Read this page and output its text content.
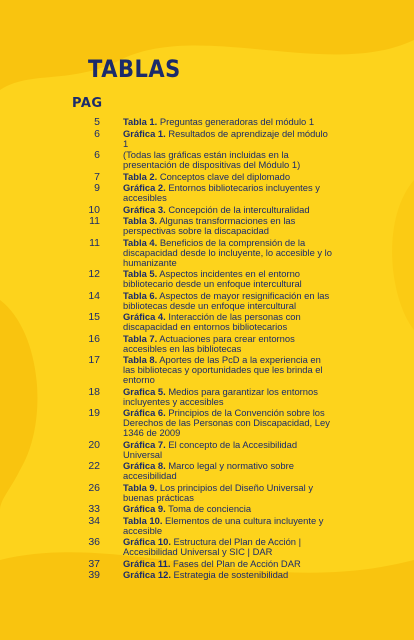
TABLAS
PAG
5 Tabla 1. Preguntas generadoras del módulo 1
6 Gráfica 1. Resultados de aprendizaje del módulo 1
6 (Todas las gráficas están incluidas en la presentación de dispositivas del Módulo 1)
7 Tabla 2. Conceptos clave del diplomado
9 Gráfica 2. Entornos bibliotecarios incluyentes y accesibles
10 Gráfica 3. Concepción de la interculturalidad
11 Tabla 3. Algunas transformaciones en las perspectivas sobre la discapacidad
11 Tabla 4. Beneficios de la comprensión de la discapacidad desde lo incluyente, lo accesible y lo humanizante
12 Tabla 5. Aspectos incidentes en el entorno bibliotecario desde un enfoque intercultural
14 Tabla 6. Aspectos de mayor resignificación en las bibliotecas desde un enfoque intercultural
15 Gráfica 4. Interacción de las personas con discapacidad en entornos bibliotecarios
16 Tabla 7. Actuaciones para crear entornos accesibles en las bibliotecas
17 Tabla 8. Aportes de las PcD a la experiencia en las bibliotecas y oportunidades que les brinda el entorno
18 Grafica 5. Medios para garantizar los entornos incluyentes y accesibles
19 Gráfica 6. Principios de la Convención sobre los Derechos de las Personas con Discapacidad, Ley 1346 de 2009
20 Gráfica 7. El concepto de la Accesibilidad Universal
22 Gráfica 8. Marco legal y normativo sobre accesibilidad
26 Tabla 9. Los principios del Diseño Universal y buenas prácticas
33 Gráfica 9. Toma de conciencia
34 Tabla 10. Elementos de una cultura incluyente y accesible
36 Gráfica 10. Estructura del Plan de Acción | Accesibilidad Universal y SIC | DAR
37 Gráfica 11. Fases del Plan de Acción DAR
39 Gráfica 12. Estrategia de sostenibilidad
